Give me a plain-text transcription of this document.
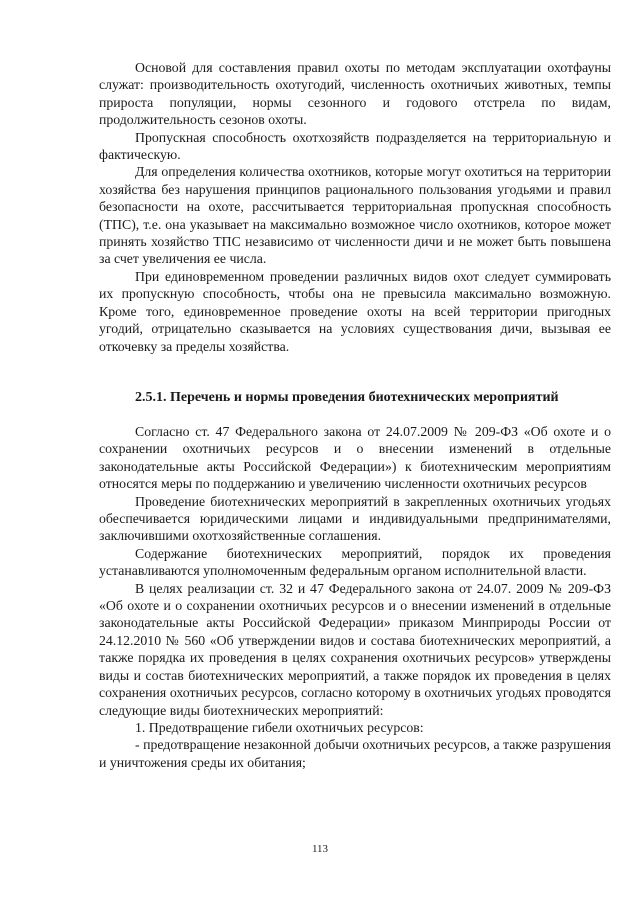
Основой для составления правил охоты по методам эксплуатации охотфауны служат: производительность охотугодий, численность охотничьих животных, темпы прироста популяции, нормы сезонного и годового отстрела по видам, продолжительность сезонов охоты.

Пропускная способность охотхозяйств подразделяется на территориальную и фактическую.

Для определения количества охотников, которые могут охотиться на территории хозяйства без нарушения принципов рационального пользования угодьями и правил безопасности на охоте, рассчитывается территориальная пропускная способность (ТПС), т.е. она указывает на максимально возможное число охотников, которое может принять хозяйство ТПС независимо от численности дичи и не может быть повышена за счет увеличения ее числа.

При единовременном проведении различных видов охот следует суммировать их пропускную способность, чтобы она не превысила максимально возможную. Кроме того, единовременное проведение охоты на всей территории пригодных угодий, отрицательно сказывается на условиях существования дичи, вызывая ее откочевку за пределы хозяйства.

2.5.1. Перечень и нормы проведения биотехнических мероприятий

Согласно ст. 47 Федерального закона от 24.07.2009 № 209-ФЗ «Об охоте и о сохранении охотничьих ресурсов и о внесении изменений в отдельные законодательные акты Российской Федерации») к биотехническим мероприятиям относятся меры по поддержанию и увеличению численности охотничьих ресурсов

Проведение биотехнических мероприятий в закрепленных охотничьих угодьях обеспечивается юридическими лицами и индивидуальными предпринимателями, заключившими охотхозяйственные соглашения.

Содержание биотехнических мероприятий, порядок их проведения устанавливаются уполномоченным федеральным органом исполнительной власти.

В целях реализации ст. 32 и 47 Федерального закона от 24.07. 2009 № 209-ФЗ «Об охоте и о сохранении охотничьих ресурсов и о внесении изменений в отдельные законодательные акты Российской Федерации» приказом Минприроды России от 24.12.2010 № 560 «Об утверждении видов и состава биотехнических мероприятий, а также порядка их проведения в целях сохранения охотничьих ресурсов» утверждены виды и состав биотехнических мероприятий, а также порядок их проведения в целях сохранения охотничьих ресурсов, согласно которому в охотничьих угодьях проводятся следующие виды биотехнических мероприятий:

1. Предотвращение гибели охотничьих ресурсов:

- предотвращение незаконной добычи охотничьих ресурсов, а также разрушения и уничтожения среды их обитания;

113
